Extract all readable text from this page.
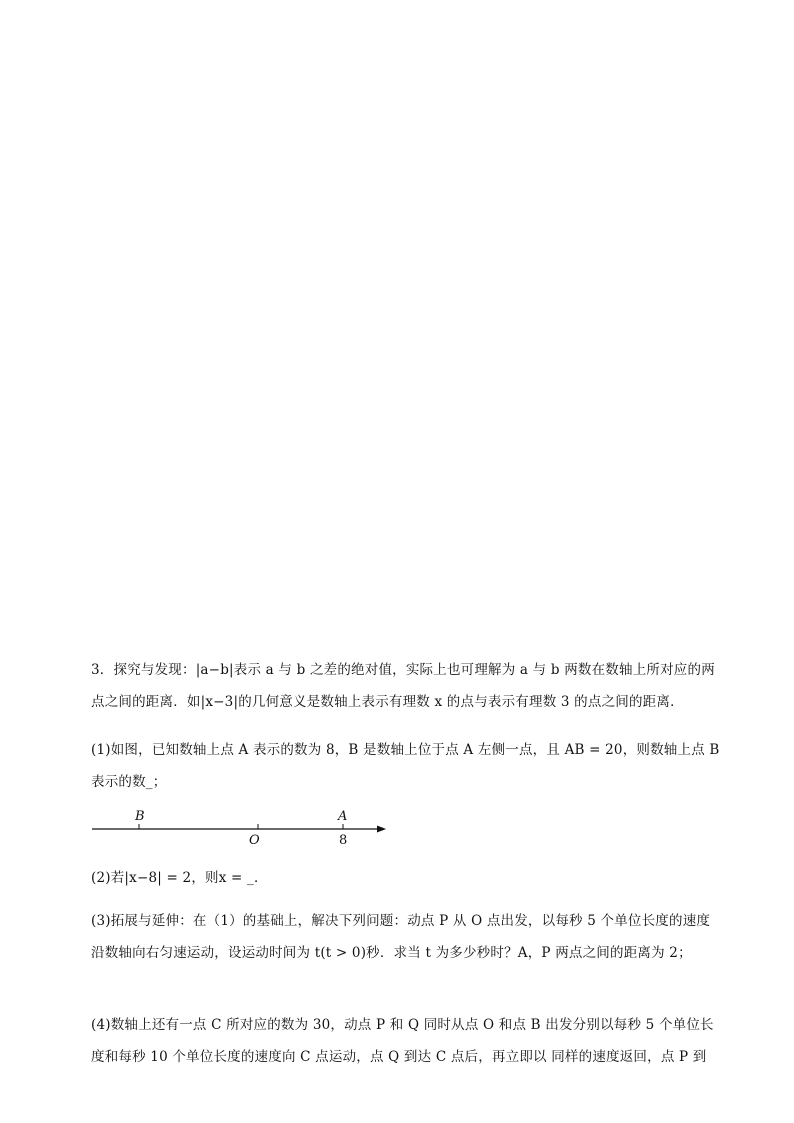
3．探究与发现：|a−b|表示 a 与 b 之差的绝对值，实际上也可理解为 a 与 b 两数在数轴上所对应的两
点之间的距离．如|x−3|的几何意义是数轴上表示有理数 x 的点与表示有理数 3 的点之间的距离．

(1)如图，已知数轴上点 A 表示的数为 8，B 是数轴上位于点 A 左侧一点，且 AB = 20，则数轴上点 B
表示的数_；

B
O
A
8

(2)若|x−8| = 2，则x = _．

(3)拓展与延伸：在（1）的基础上，解决下列问题：动点 P 从 O 点出发，以每秒 5 个单位长度的速度
沿数轴向右匀速运动，设运动时间为 t(t > 0)秒．求当 t 为多少秒时？A，P 两点之间的距离为 2；

(4)数轴上还有一点 C 所对应的数为 30，动点 P 和 Q 同时从点 O 和点 B 出发分别以每秒 5 个单位长
度和每秒 10 个单位长度的速度向 C 点运动，点 Q 到达 C 点后，再立即以 同样的速度返回，点 P 到
